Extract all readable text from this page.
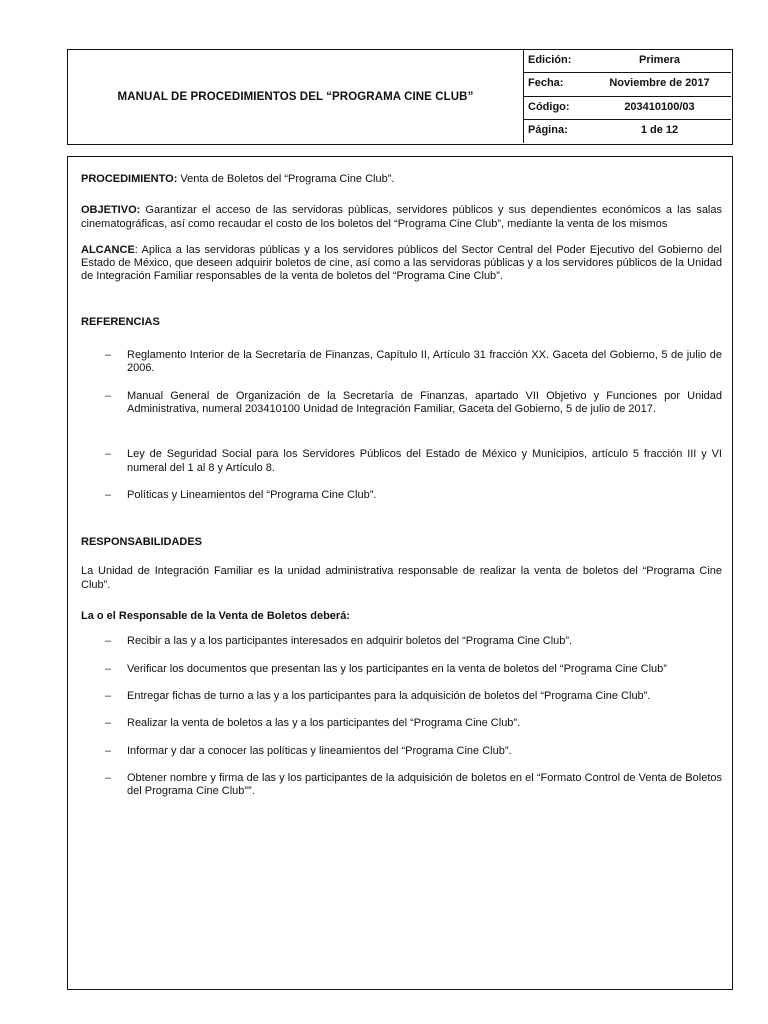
MANUAL DE PROCEDIMIENTOS DEL “PROGRAMA CINE CLUB”
Edición:	Primera
Fecha:	Noviembre de 2017
Código:	203410100/03
Página:	1 de 12

PROCEDIMIENTO: Venta de Boletos del “Programa Cine Club”.

OBJETIVO: Garantizar el acceso de las servidoras públicas, servidores públicos y sus dependientes económicos a las salas cinematográficas, así como recaudar el costo de los boletos del “Programa Cine Club”, mediante la venta de los mismos

ALCANCE: Aplica a las servidoras públicas y a los servidores públicos del Sector Central del Poder Ejecutivo del Gobierno del Estado de México, que deseen adquirir boletos de cine, así como a las servidoras públicas y a los servidores públicos de la Unidad de Integración Familiar responsables de la venta de boletos del “Programa Cine Club”.

REFERENCIAS

– Reglamento Interior de la Secretaría de Finanzas, Capítulo II, Artículo 31 fracción XX. Gaceta del Gobierno, 5 de julio de 2006.
– Manual General de Organización de la Secretaría de Finanzas, apartado VII Objetivo y Funciones por Unidad Administrativa, numeral 203410100 Unidad de Integración Familiar, Gaceta del Gobierno, 5 de julio de 2017.
– Ley de Seguridad Social para los Servidores Públicos del Estado de México y Municipios, artículo 5 fracción III y VI numeral del 1 al 8 y Artículo 8.
– Políticas y Lineamientos del “Programa Cine Club”.

RESPONSABILIDADES

La Unidad de Integración Familiar es la unidad administrativa responsable de realizar la venta de boletos del “Programa Cine Club”.

La o el Responsable de la Venta de Boletos deberá:

– Recibir a las y a los participantes interesados en adquirir boletos del “Programa Cine Club”.
– Verificar los documentos que presentan las y los participantes en la venta de boletos del “Programa Cine Club”
– Entregar fichas de turno a las y a los participantes para la adquisición de boletos del “Programa Cine Club”.
– Realizar la venta de boletos a las y a los participantes del “Programa Cine Club”.
– Informar y dar a conocer las políticas y lineamientos del “Programa Cine Club”.
– Obtener nombre y firma de las y los participantes de la adquisición de boletos en el “Formato Control de Venta de Boletos del Programa Cine Club””.
